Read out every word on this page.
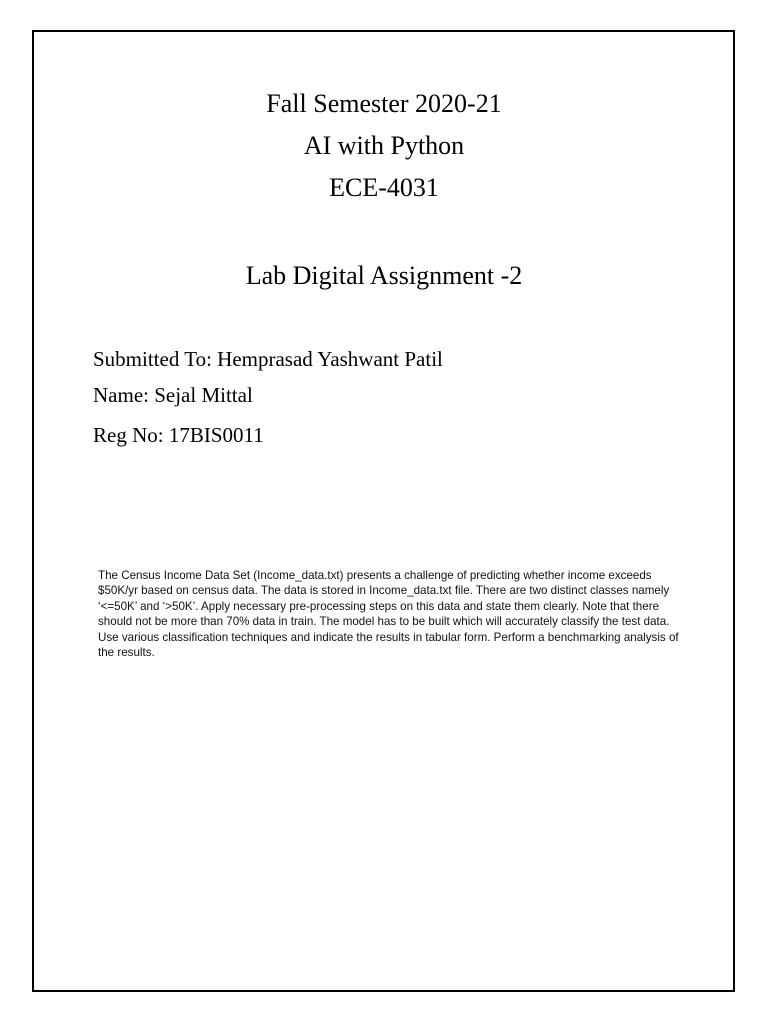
Fall Semester 2020-21
AI with Python
ECE-4031
Lab Digital Assignment -2
Submitted To: Hemprasad Yashwant Patil
Name: Sejal Mittal
Reg No: 17BIS0011
The Census Income Data Set (Income_data.txt) presents a challenge of predicting whether income exceeds $50K/yr based on census data. The data is stored in Income_data.txt file. There are two distinct classes namely ‘<=50K’ and ‘>50K’. Apply necessary pre-processing steps on this data and state them clearly. Note that there should not be more than 70% data in train. The model has to be built which will accurately classify the test data. Use various classification techniques and indicate the results in tabular form. Perform a benchmarking analysis of the results.
